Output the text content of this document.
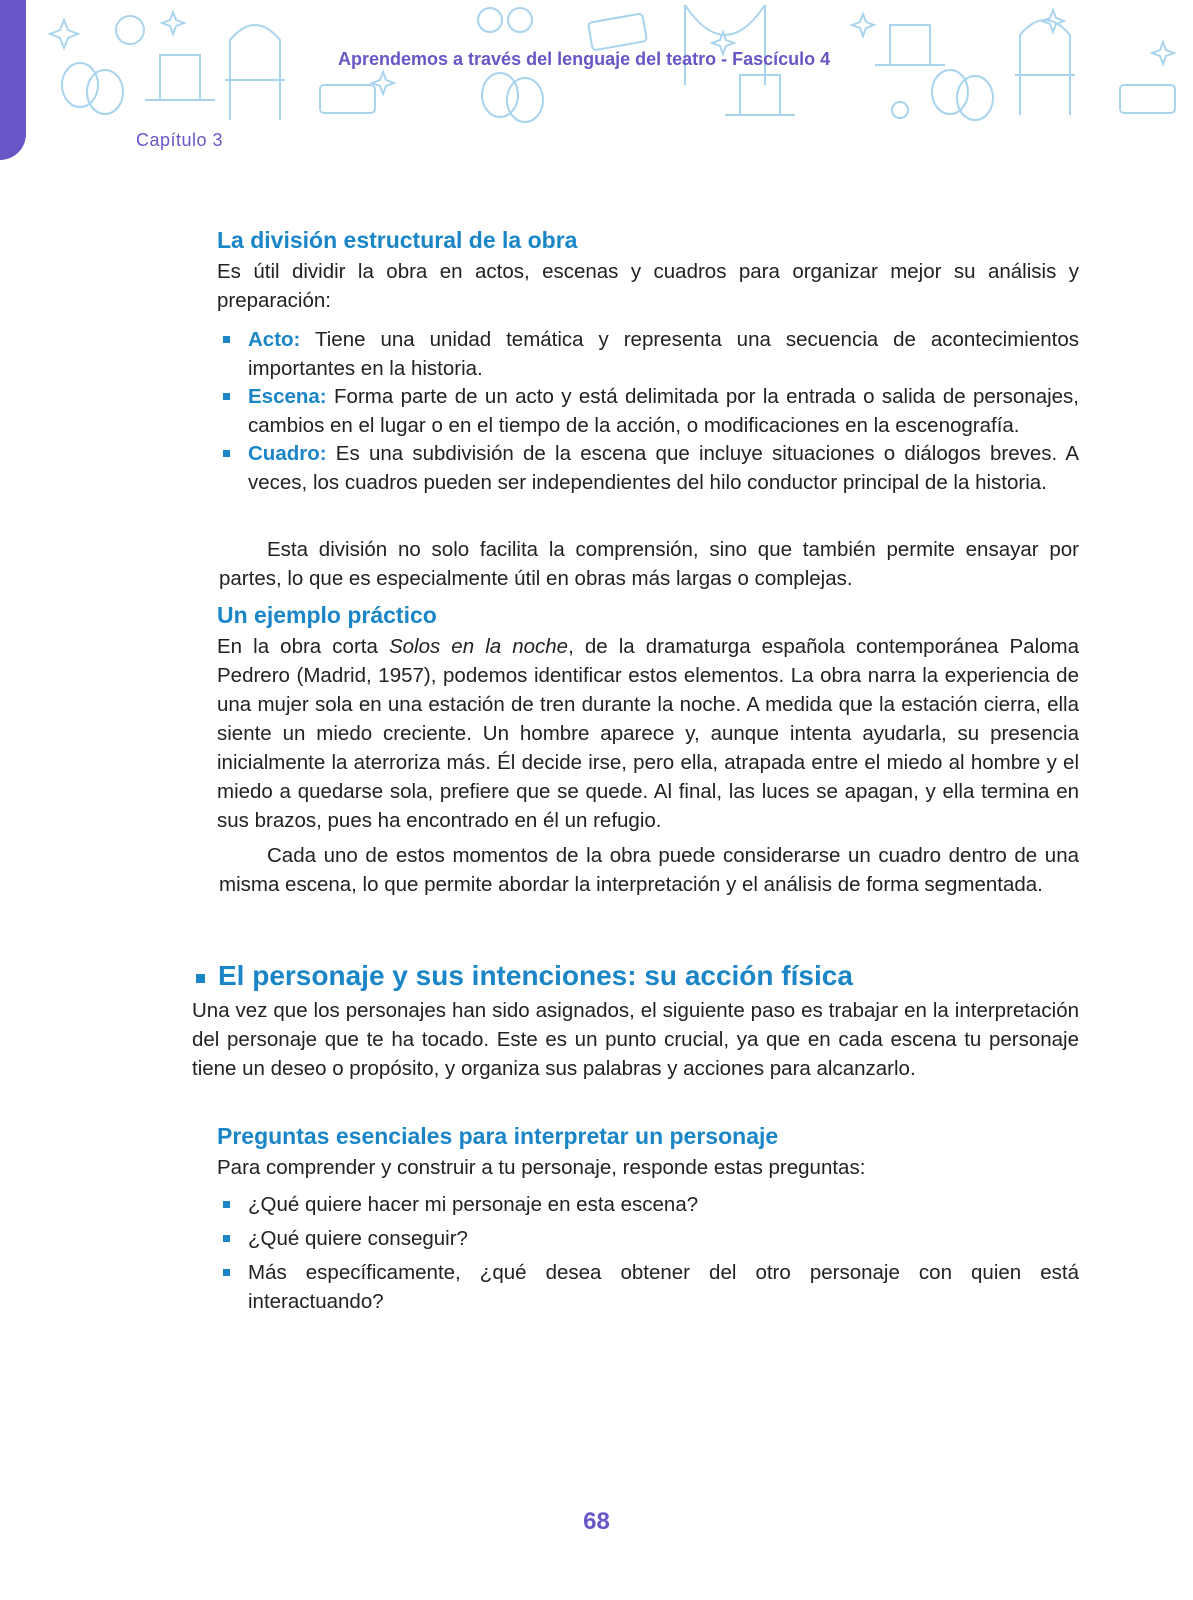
Aprendemos a través del lenguaje del teatro - Fascículo 4
Capítulo 3
La división estructural de la obra
Es útil dividir la obra en actos, escenas y cuadros para organizar mejor su análisis y preparación:
Acto: Tiene una unidad temática y representa una secuencia de acontecimientos importantes en la historia.
Escena: Forma parte de un acto y está delimitada por la entrada o salida de personajes, cambios en el lugar o en el tiempo de la acción, o modificaciones en la escenografía.
Cuadro: Es una subdivisión de la escena que incluye situaciones o diálogos breves. A veces, los cuadros pueden ser independientes del hilo conductor principal de la historia.
Esta división no solo facilita la comprensión, sino que también permite ensayar por partes, lo que es especialmente útil en obras más largas o complejas.
Un ejemplo práctico
En la obra corta Solos en la noche, de la dramaturga española contemporánea Paloma Pedrero (Madrid, 1957), podemos identificar estos elementos. La obra narra la experiencia de una mujer sola en una estación de tren durante la noche. A medida que la estación cierra, ella siente un miedo creciente. Un hombre aparece y, aunque intenta ayudarla, su presencia inicialmente la aterroriza más. Él decide irse, pero ella, atrapada entre el miedo al hombre y el miedo a quedarse sola, prefiere que se quede. Al final, las luces se apagan, y ella termina en sus brazos, pues ha encontrado en él un refugio.
Cada uno de estos momentos de la obra puede considerarse un cuadro dentro de una misma escena, lo que permite abordar la interpretación y el análisis de forma segmentada.
El personaje y sus intenciones: su acción física
Una vez que los personajes han sido asignados, el siguiente paso es trabajar en la interpretación del personaje que te ha tocado. Este es un punto crucial, ya que en cada escena tu personaje tiene un deseo o propósito, y organiza sus palabras y acciones para alcanzarlo.
Preguntas esenciales para interpretar un personaje
Para comprender y construir a tu personaje, responde estas preguntas:
¿Qué quiere hacer mi personaje en esta escena?
¿Qué quiere conseguir?
Más específicamente, ¿qué desea obtener del otro personaje con quien está interactuando?
68
